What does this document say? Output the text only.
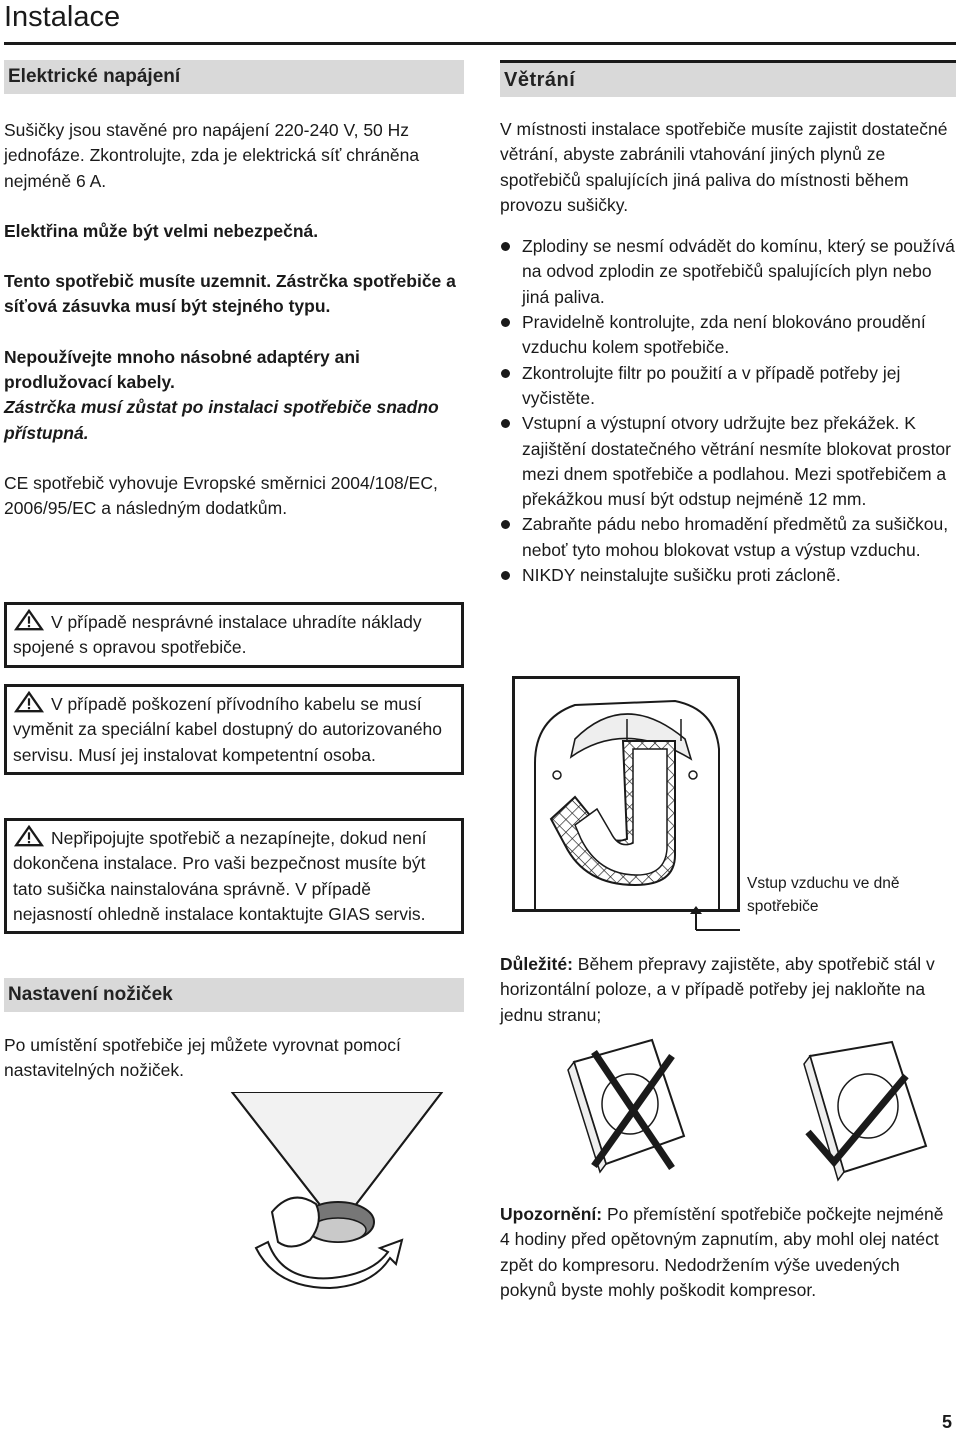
Instalace
Elektrické napájení

Sušičky jsou stavěné pro napájení 220-240 V, 50 Hz jednofáze. Zkontrolujte, zda je elektrická síť chráněna nejméně 6 A.

Elektřina může být velmi nebezpečná.

Tento spotřebič musíte uzemnit. Zástrčka spotřebiče a síťová zásuvka musí být stejného typu.

Nepoužívejte mnoho násobné adaptéry ani prodlužovací kabely.

Zástrčka musí zůstat po instalaci spotřebiče snadno přístupná.

CE spotřebič vyhovuje Evropské směrnici 2004/108/EC, 2006/95/EC a následným dodatkům.

V případě nesprávné instalace uhradíte náklady spojené s opravou spotřebiče.
V případě poškození přívodního kabelu se musí vyměnit za speciální kabel dostupný do autorizovaného servisu. Musí jej instalovat kompetentní osoba.
Nepřipojujte spotřebič a nezapínejte, dokud není dokončena instalace. Pro vaši bezpečnost musíte být tato sušička nainstalována správně. V případě nejasností ohledně instalace kontaktujte GIAS servis.
Nastavení nožiček

Po umístění spotřebiče jej můžete vyrovnat pomocí nastavitelných nožiček.

Větrání

V místnosti instalace spotřebiče musíte zajistit dostatečné větrání, abyste zabránili vtahování jiných plynů ze spotřebičů spalujících jiná paliva do místnosti během provozu sušičky.

Zplodiny se nesmí odvádět do komínu, který se používá na odvod zplodin ze spotřebičů spalujících plyn nebo jiná paliva.
Pravidelně kontrolujte, zda není blokováno proudění vzduchu kolem spotřebiče.
Zkontrolujte filtr po použití a v případě potřeby jej vyčistěte.
Vstupní a výstupní otvory udržujte bez překážek. K zajištění dostatečného větrání nesmíte blokovat prostor mezi dnem spotřebiče a podlahou. Mezi spotřebičem a překážkou musí být odstup nejméně 12 mm.
Zabraňte pádu nebo hromadění předmětů za sušičkou, neboť tyto mohou blokovat vstup a výstup vzduchu.
NIKDY neinstalujte sušičku proti záclonẽ.

Vstup vzduchu ve dně spotřebiče

Důležité: Během přepravy zajistěte, aby spotřebič stál v horizontální poloze, a v případě potřeby jej nakloňte na jednu stranu;

Upozornění: Po přemístění spotřebiče počkejte nejméně 4 hodiny před opětovným zapnutím, aby mohl olej natéct zpět do kompresoru. Nedodržením výše uvedených pokynů byste mohly poškodit kompresor.

5
